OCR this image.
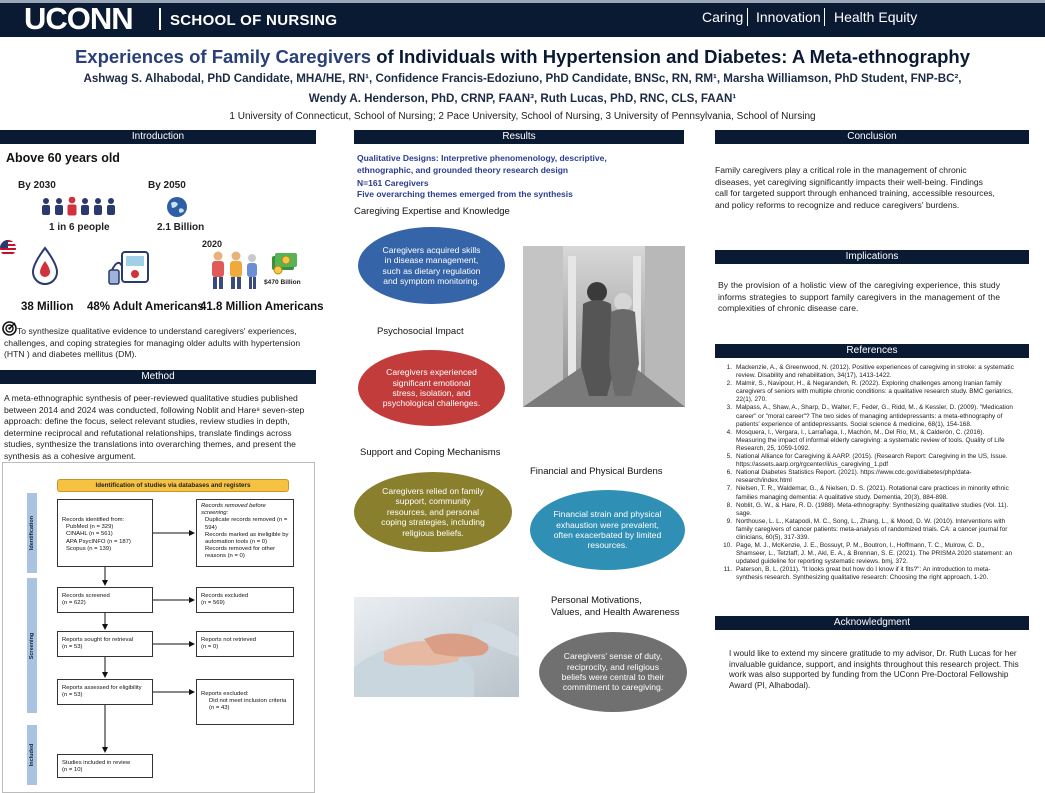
UCONN SCHOOL OF NURSING	Caring Innovation Health Equity
Experiences of Family Caregivers of Individuals with Hypertension and Diabetes: A Meta-ethnography
Ashwag S. Alhabodal, PhD Candidate, MHA/HE, RN¹, Confidence Francis-Edoziuno, PhD Candidate, BNSc, RN, RM¹, Marsha Williamson, PhD Student, FNP-BC²,
Wendy A. Henderson, PhD, CRNP, FAAN³, Ruth Lucas, PhD, RNC, CLS, FAAN¹
1 University of Connecticut, School of Nursing; 2 Pace University, School of Nursing, 3 University of Pennsylvania, School of Nursing
Introduction
Above 60 years old
By 2030	By 2050
1 in 6 people	2.1 Billion
2020
$470 Billion
38 Million 48% Adult Americans
41.8 Million Americans
To synthesize qualitative evidence to understand caregivers' experiences, challenges, and coping strategies for managing older adults with hypertension (HTN ) and diabetes mellitus (DM).
Method
A meta-ethnographic synthesis of peer-reviewed qualitative studies published between 2014 and 2024 was conducted, following Noblit and Hare⁸ seven-step approach: define the focus, select relevant studies, review studies in depth, determine reciprocal and refutational relationships, translate findings across studies, synthesize the translations into overarching themes, and present the synthesis as a cohesive argument.
Identification of studies via databases and registers
Identification
Screening
Included
Records identified from:
PubMed (n = 329)
CINAHL (n = 561)
APA PsycINFO (n = 187)
Scopus (n = 139)
Records removed before screening:
Duplicate records removed (n = 594)
Records marked as ineligible by automation tools (n = 0)
Records removed for other reasons (n = 0)
Records screened
(n = 622)
Records excluded
(n = 569)
Reports sought for retrieval
(n = 53)
Reports not retrieved
(n = 0)
Reports assessed for eligibility
(n = 53)	Reports excluded:
Did not meet inclusion criteria
(n = 43)
Studies included in review
(n = 10)
Results
Qualitative Designs: Interpretive phenomenology, descriptive, ethnographic, and grounded theory research design
N=161 Caregivers
Five overarching themes emerged from the synthesis
Caregiving Expertise and Knowledge
Caregivers acquired skills in disease management, such as dietary regulation and symptom monitoring.
Psychosocial Impact
Caregivers experienced significant emotional stress, isolation, and psychological challenges.
Support and Coping Mechanisms
Caregivers relied on family support, community resources, and personal coping strategies, including religious beliefs.
Financial and Physical Burdens
Financial strain and physical exhaustion were prevalent, often exacerbated by limited resources.
Personal Motivations,
Values, and Health Awareness
Caregivers' sense of duty, reciprocity, and religious beliefs were central to their commitment to caregiving.
Conclusion
Family caregivers play a critical role in the management of chronic diseases, yet caregiving significantly impacts their well-being. Findings call for targeted support through enhanced training, accessible resources, and policy reforms to recognize and reduce caregivers' burdens.
Implications
By the provision of a holistic view of the caregiving experience, this study informs strategies to support family caregivers in the management of the complexities of chronic disease care.
References
1. Mackenzie, A., & Greenwood, N. (2012). Positive experiences of caregiving in stroke: a systematic review. Disability and rehabilitation, 34(17), 1413-1422.
2. Malmir, S., Navipour, H., & Negarandeh, R. (2022). Exploring challenges among Iranian family caregivers of seniors with multiple chronic conditions: a qualitative research study. BMC geriatrics, 22(1), 270.
3. Malpass, A., Shaw, A., Sharp, D., Walter, F., Feder, G., Ridd, M., & Kessler, D. (2009). "Medication career" or "moral career"? The two sides of managing antidepressants: a meta-ethnography of patients' experience of antidepressants. Social science & medicine, 68(1), 154-168.
4. Mosquera, I., Vergara, I., Larrañaga, I., Machón, M., Del Río, M., & Calderón, C. (2016). Measuring the impact of informal elderly caregiving: a systematic review of tools. Quality of Life Research, 25, 1059-1092.
5. National Alliance for Caregiving & AARP. (2015). (Research Report: Caregiving in the US, Issue. https://assets.aarp.org/rgcenter/il/us_caregiving_1.pdf
6. National Diabetes Statistics Report. (2021). https://www.cdc.gov/diabetes/php/data-research/index.html
7. Nielsen, T. R., Waldemar, G., & Nielsen, D. S. (2021). Rotational care practices in minority ethnic families managing dementia: A qualitative study. Dementia, 20(3), 884-898.
8. Noblit, G. W., & Hare, R. D. (1988). Meta-ethnography: Synthesizing qualitative studies (Vol. 11). sage.
9. Northouse, L. L., Katapodi, M. C., Song, L., Zhang, L., & Mood, D. W. (2010). Interventions with family caregivers of cancer patients: meta-analysis of randomized trials. CA: a cancer journal for clinicians, 60(5), 317-339.
10. Page, M. J., McKenzie, J. E., Bossuyt, P. M., Boutron, I., Hoffmann, T. C., Mulrow, C. D., Shamseer, L., Tetzlaff, J. M., Akl, E. A., & Brennan, S. E. (2021). The PRISMA 2020 statement: an updated guideline for reporting systematic reviews. bmj, 372.
11. Paterson, B. L. (2011). "It looks great but how do I know if it fits?": An introduction to meta-synthesis research. Synthesizing qualitative research: Choosing the right approach, 1-20.
Acknowledgment
I would like to extend my sincere gratitude to my advisor, Dr. Ruth Lucas for her invaluable guidance, support, and insights throughout this research project. This work was also supported by funding from the UConn Pre-Doctoral Fellowship Award (PI, Alhabodal).
